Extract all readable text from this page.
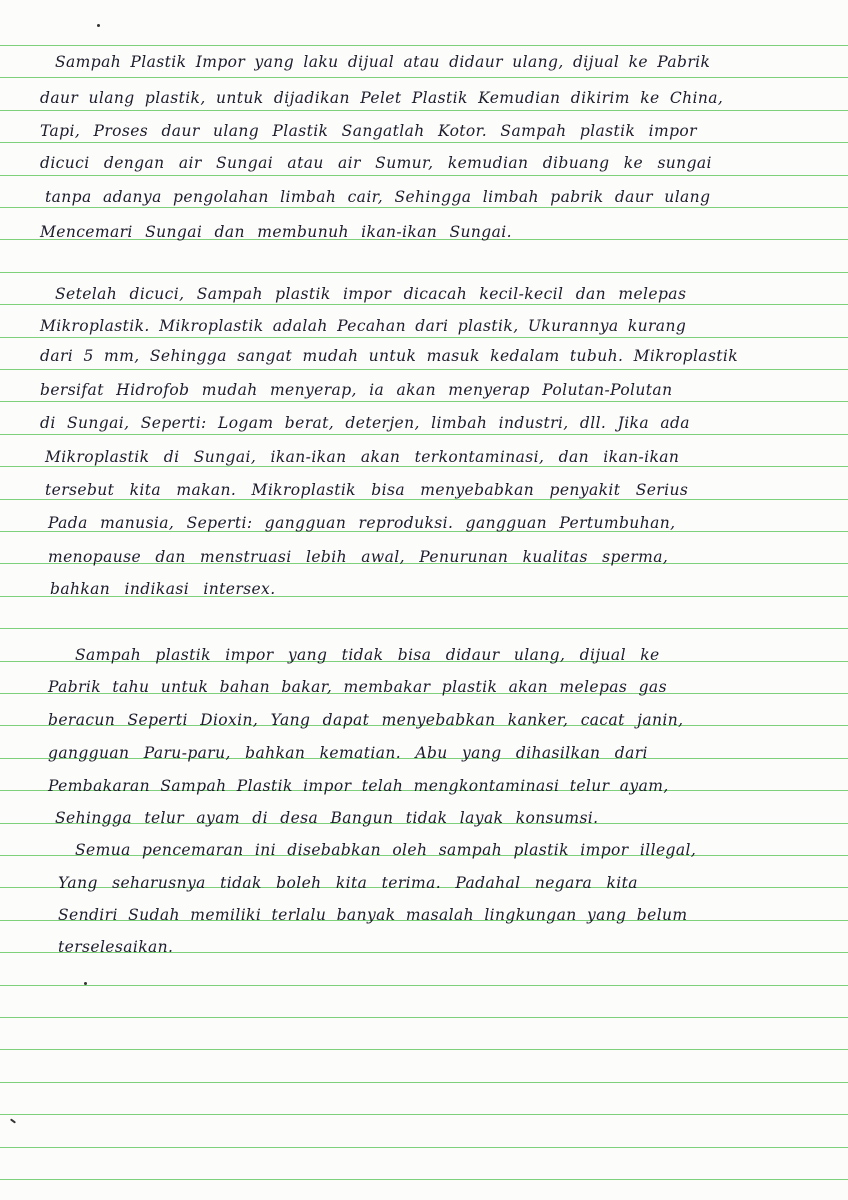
Sampah Plastik Impor yang laku dijual atau didaur ulang, dijual ke Pabrik

daur ulang plastik, untuk dijadikan Pelet Plastik Kemudian dikirim ke China,

Tapi, Proses daur ulang Plastik Sangatlah Kotor. Sampah plastik impor

dicuci dengan air Sungai atau air Sumur, kemudian dibuang ke sungai

tanpa adanya pengolahan limbah cair, Sehingga limbah pabrik daur ulang

Mencemari Sungai dan membunuh ikan-ikan Sungai.

Setelah dicuci, Sampah plastik impor dicacah kecil-kecil dan melepas

Mikroplastik. Mikroplastik adalah Pecahan dari plastik, Ukurannya kurang

dari 5 mm, Sehingga sangat mudah untuk masuk kedalam tubuh. Mikroplastik

bersifat Hidrofob mudah menyerap, ia akan menyerap Polutan-Polutan

di Sungai, Seperti: Logam berat, deterjen, limbah industri, dll. Jika ada

Mikroplastik di Sungai, ikan-ikan akan terkontaminasi, dan ikan-ikan

tersebut kita makan. Mikroplastik bisa menyebabkan penyakit Serius

Pada manusia, Seperti: gangguan reproduksi. gangguan Pertumbuhan,

menopause dan menstruasi lebih awal, Penurunan kualitas sperma,

bahkan indikasi intersex.

Sampah plastik impor yang tidak bisa didaur ulang, dijual ke

Pabrik tahu untuk bahan bakar, membakar plastik akan melepas gas

beracun Seperti Dioxin, Yang dapat menyebabkan kanker, cacat janin,

gangguan Paru-paru, bahkan kematian. Abu yang dihasilkan dari

Pembakaran Sampah Plastik impor telah mengkontaminasi telur ayam,

Sehingga telur ayam di desa Bangun tidak layak konsumsi.

Semua pencemaran ini disebabkan oleh sampah plastik impor illegal,

Yang seharusnya tidak boleh kita terima. Padahal negara kita

Sendiri Sudah memiliki terlalu banyak masalah lingkungan yang belum

terselesaikan.
